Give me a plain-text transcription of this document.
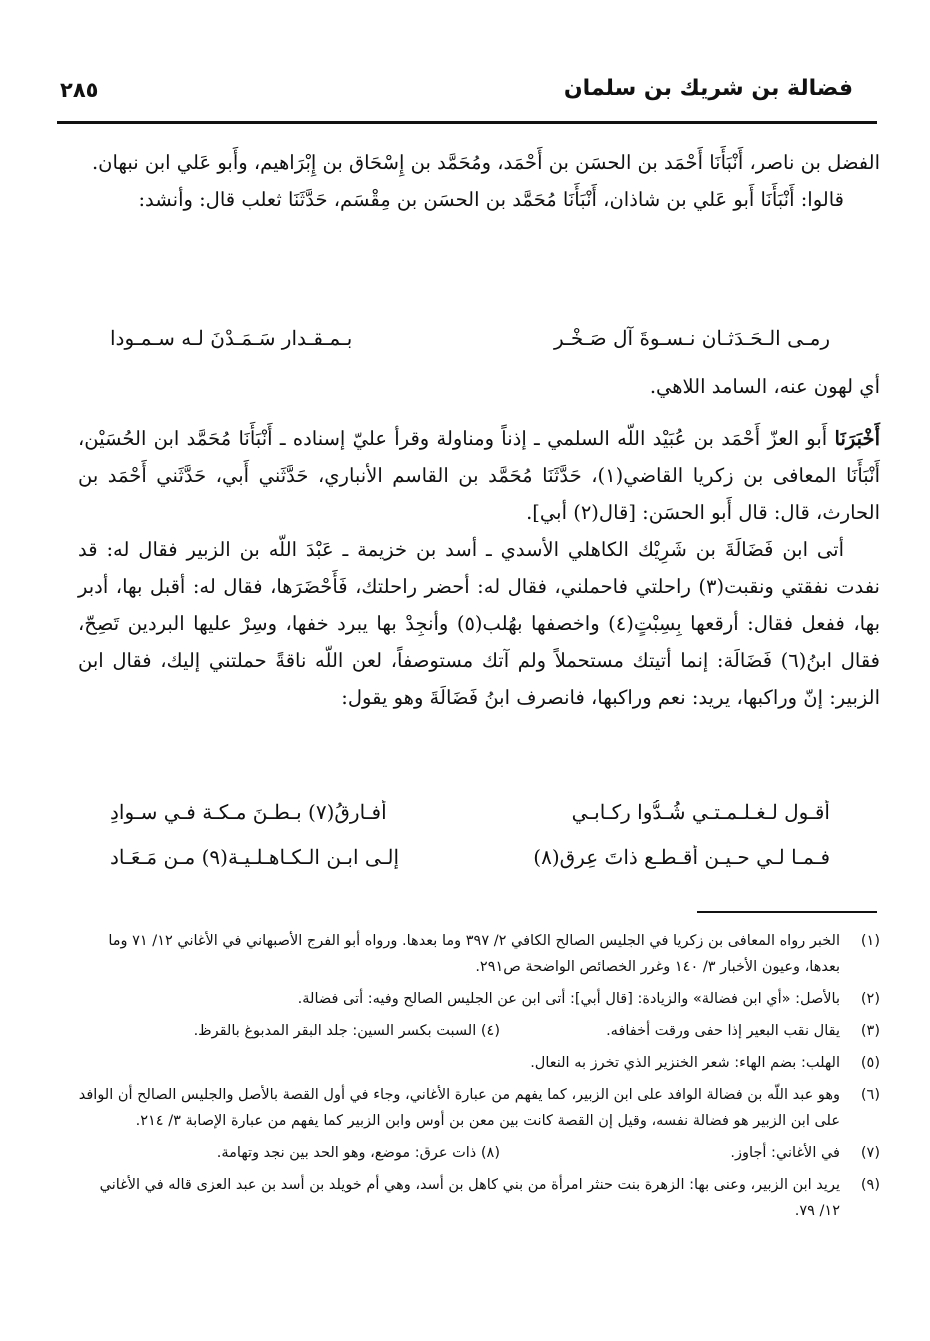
فضالة بن شريك بن سلمان
٢٨٥

الفضل بن ناصر، أَنْبَأَنَا أَحْمَد بن الحسَن بن أَحْمَد، ومُحَمَّد بن إِسْحَاق بن إِبْرَاهيم، وأَبو عَلي ابن نبهان.

قالوا: أَنْبَأَنَا أَبو عَلي بن شاذان، أَنْبَأَنَا مُحَمَّد بن الحسَن بن مِقْسَم، حَدَّثَنَا ثعلب قال: وأنشد:

رمـى الـحَـدَثـان نـسـوةَ آل صَـخْـرٍ
بـمـقـدارٍ سَـمَـدْنَ لـه سـمـودا

أي لهون عنه، السامد اللاهي.

أَخْبَرَنَا أَبو العزّ أَحْمَد بن عُبَيْد اللّه السلمي ـ إذناً ومناولة وقرأ عليّ إسناده ـ أَنْبَأَنَا مُحَمَّد ابن الحُسَيْن، أَنْبَأَنَا المعافى بن زكريا القاضي(١)، حَدَّثَنَا مُحَمَّد بن القاسم الأنباري، حَدَّثَني أَبي، حَدَّثَني أَحْمَد بن الحارث، قال: قال أَبو الحسَن: [قال(٢) أبي].

أتى ابن فَضَالَةَ بن شَرِيْك الكاهلي الأسدي ـ أسد بن خزيمة ـ عَبْدَ اللّه بن الزبير فقال له: قد نفدت نفقتي ونقبت(٣) راحلتي فاحملني، فقال له: أحضر راحلتك، فَأَحْضَرَها، فقال له: أقبل بها، أدبر بها، ففعل فقال: أرقعها بِسِبْتٍ(٤) واخصفها بهُلب(٥) وأنجِدْ بها يبرد خفها، وسِرْ عليها البردين تَصِحّ، فقال ابنُ(٦) فَضَالَة: إنما أتيتك مستحملاً ولم آتك مستوصفاً، لعن اللّه ناقةً حملتني إليك، فقال ابن الزبير: إنّ وراكبها، يريد: نعم وراكبها، فانصرف ابنُ فَضَالَةَ وهو يقول:

أقـول لـغـلـمـتـي شُـدُّوا ركـابـي
أفـارقُ(٧) بـطـنَ مـكـة فـي سـوادِ
فـمـا لـي حـيـن أقـطـع ذاتَ عِرقٍ(٨)
إلـى ابـن الـكـاهـلـيـة(٩) مـن مَـعَـاد
(١)
الخبر رواه المعافى بن زكريا في الجليس الصالح الكافي ٢/ ٣٩٧ وما بعدها. ورواه أبو الفرج الأصبهاني في الأغاني ١٢/ ٧١ وما بعدها، وعيون الأخبار ٣/ ١٤٠ وغرر الخصائص الواضحة ص٢٩١.
(٢)
بالأصل: «أي ابن فضالة» والزيادة: [قال أبي]: أتى ابن عن الجليس الصالح وفيه: أتى فضالة.
(٣)
يقال نقب البعير إذا حفى ورقت أخفافه.
(٤) السبت بكسر السين: جلد البقر المدبوغ بالقرظ.
(٥)
الهلب: بضم الهاء: شعر الخنزير الذي تخرز به النعال.
(٦)
وهو عبد اللّه بن فضالة الوافد على ابن الزبير، كما يفهم من عبارة الأغاني، وجاء في أول القصة بالأصل والجليس الصالح أن الوافد على ابن الزبير هو فضالة نفسه، وقيل إن القصة كانت بين معن بن أوس وابن الزبير كما يفهم من عبارة الإصابة ٣/ ٢١٤.
(٧)
في الأغاني: أجاوز.
(٨) ذات عرق: موضع، وهو الحد بين نجد وتهامة.
(٩)
يريد ابن الزبير، وعنى بها: الزهرة بنت حنثر امرأة من بني كاهل بن أسد، وهي أم خويلد بن أسد بن عبد العزى قاله في الأغاني ١٢/ ٧٩.
